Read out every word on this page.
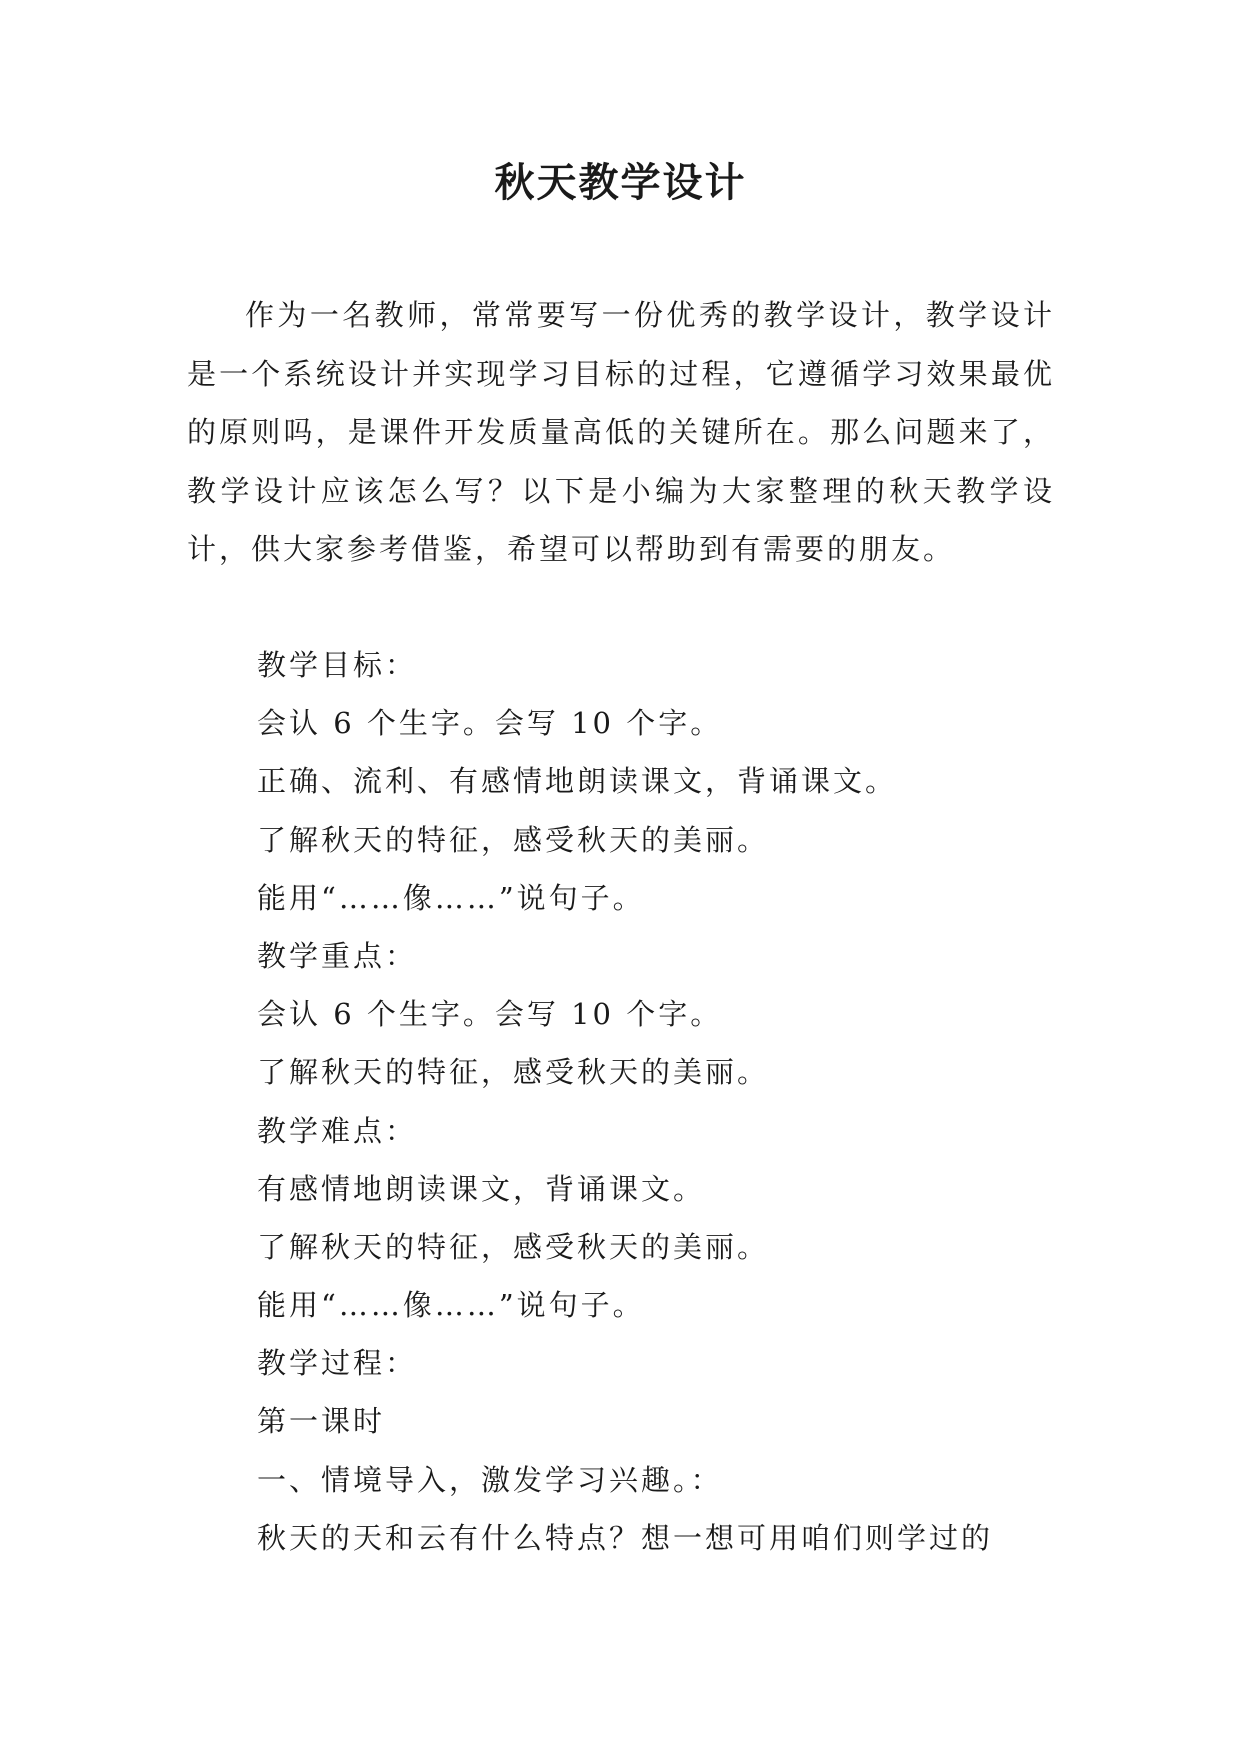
秋天教学设计

作为一名教师，常常要写一份优秀的教学设计，教学设计是一个系统设计并实现学习目标的过程，它遵循学习效果最优的原则吗，是课件开发质量高低的关键所在。那么问题来了，教学设计应该怎么写？以下是小编为大家整理的秋天教学设计，供大家参考借鉴，希望可以帮助到有需要的朋友。

教学目标：
会认 6 个生字。会写 10 个字。
正确、流利、有感情地朗读课文，背诵课文。
了解秋天的特征，感受秋天的美丽。
能用“……像……”说句子。
教学重点：
会认 6 个生字。会写 10 个字。
了解秋天的特征，感受秋天的美丽。
教学难点：
有感情地朗读课文，背诵课文。
了解秋天的特征，感受秋天的美丽。
能用“……像……”说句子。
教学过程：
第一课时
一、情境导入，激发学习兴趣。：
秋天的天和云有什么特点？想一想可用咱们则学过的
